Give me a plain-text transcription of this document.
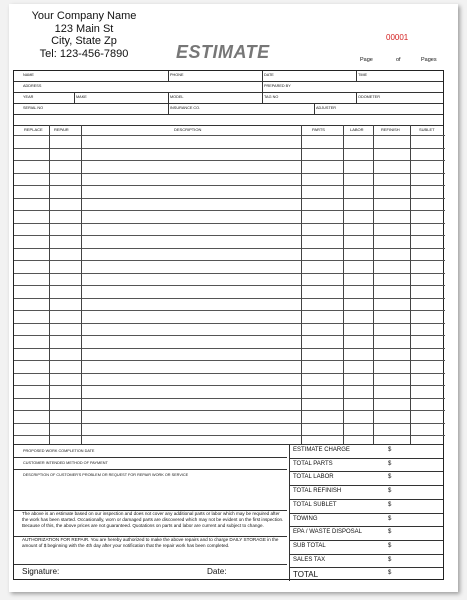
Your Company Name
123 Main St
City, State Zp
Tel: 123-456-7890	ESTIMATE
00001
Page	of	Pages
NAME	PHONE	DATE	TIME
ADDRESS	PREPARED BY
YEAR	MAKE	MODEL	TAG NO	ODOMETER
SERIAL NO	INSURANCE CO.	ADJUSTER
REPLACE	REPAIR	DESCRIPTION	PARTS	LABOR	REFINISH	SUBLET
PROPOSED WORK COMPLETION DATE
CUSTOMER INTENDED METHOD OF PAYMENT
DESCRIPTION OF CUSTOMER'S PROBLEM OR REQUEST FOR REPAIR WORK OR SERVICE
The above is an estimate based on our inspection and does not cover any additional parts or labor which may be required after the work has been started. Occasionally, worn or damaged parts are discovered which may not be evident on the first inspection. Because of this, the above prices are not guaranteed. Quotations on parts and labor are current and subject to change.
AUTHORIZATION FOR REPAIR. You are hereby authorized to make the above repairs and to charge DAILY STORAGE in the amount of $ beginning with the 4th day after your notification that the repair work has been completed.
Signature:	Date:
ESTIMATE CHARGE	$
TOTAL PARTS	$
TOTAL LABOR	$
TOTAL REFINISH	$
TOTAL SUBLET	$
TOWING	$
EPA / WASTE DISPOSAL	$
SUB TOTAL	$
SALES TAX	$
TOTAL	$
